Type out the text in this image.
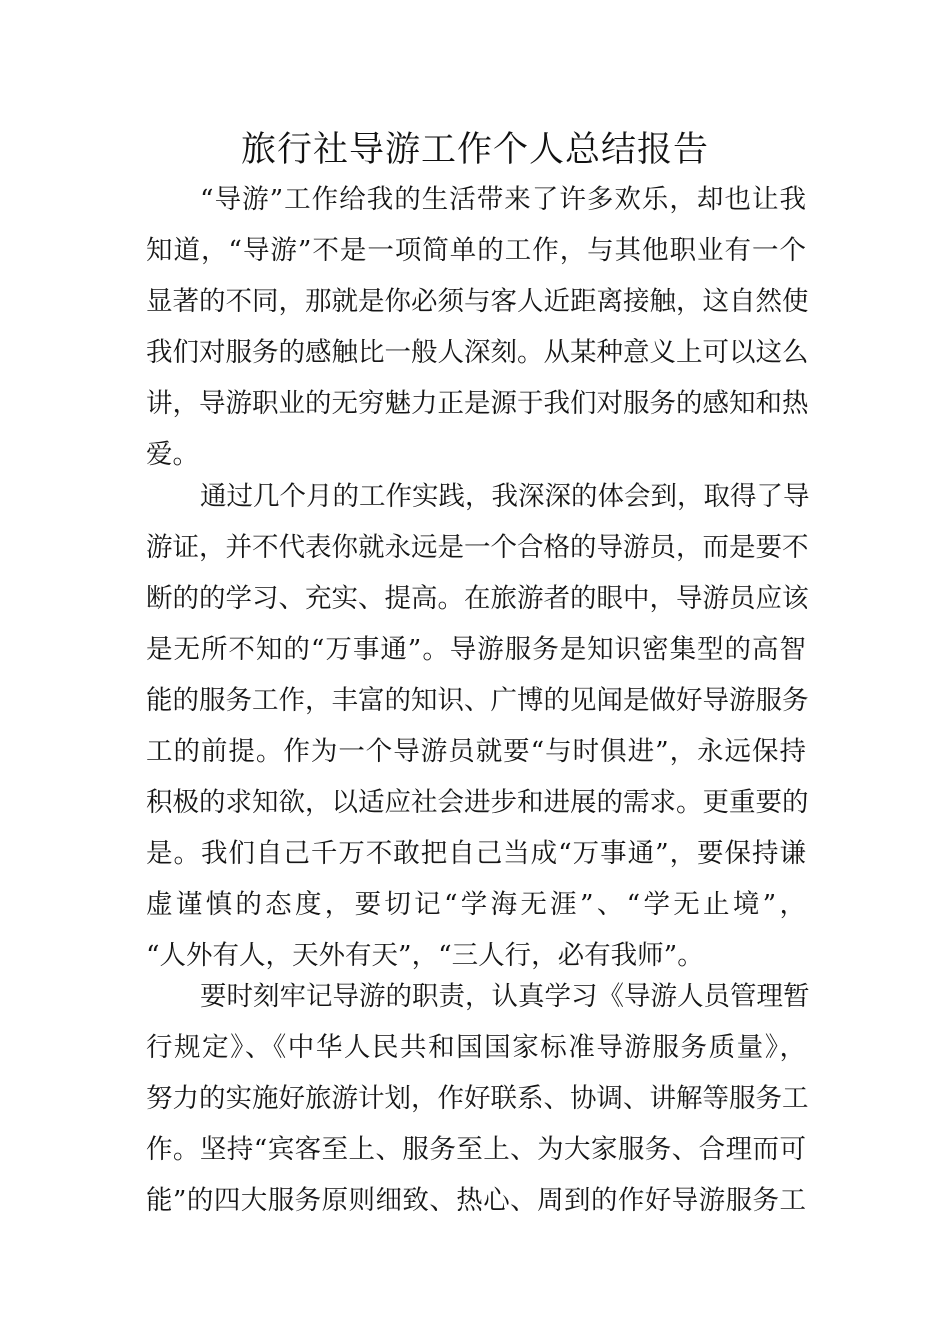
旅行社导游工作个人总结报告
“导游”工作给我的生活带来了许多欢乐，却也让我
知道，“导游”不是一项简单的工作，与其他职业有一个
显著的不同，那就是你必须与客人近距离接触，这自然使
我们对服务的感触比一般人深刻。从某种意义上可以这么
讲，导游职业的无穷魅力正是源于我们对服务的感知和热
爱。
通过几个月的工作实践，我深深的体会到，取得了导
游证，并不代表你就永远是一个合格的导游员，而是要不
断的的学习、充实、提高。在旅游者的眼中，导游员应该
是无所不知的“万事通”。导游服务是知识密集型的高智
能的服务工作，丰富的知识、广博的见闻是做好导游服务
工的前提。作为一个导游员就要“与时俱进”，永远保持
积极的求知欲，以适应社会进步和进展的需求。更重要的
是。我们自己千万不敢把自己当成“万事通”，要保持谦
虚谨慎的态度，要切记“学海无涯”、“学无止境”，
“人外有人，天外有天”，“三人行，必有我师”。
要时刻牢记导游的职责，认真学习《导游人员管理暂
行规定》、《中华人民共和国国家标准导游服务质量》，
努力的实施好旅游计划，作好联系、协调、讲解等服务工
作。坚持“宾客至上、服务至上、为大家服务、合理而可
能”的四大服务原则细致、热心、周到的作好导游服务工
